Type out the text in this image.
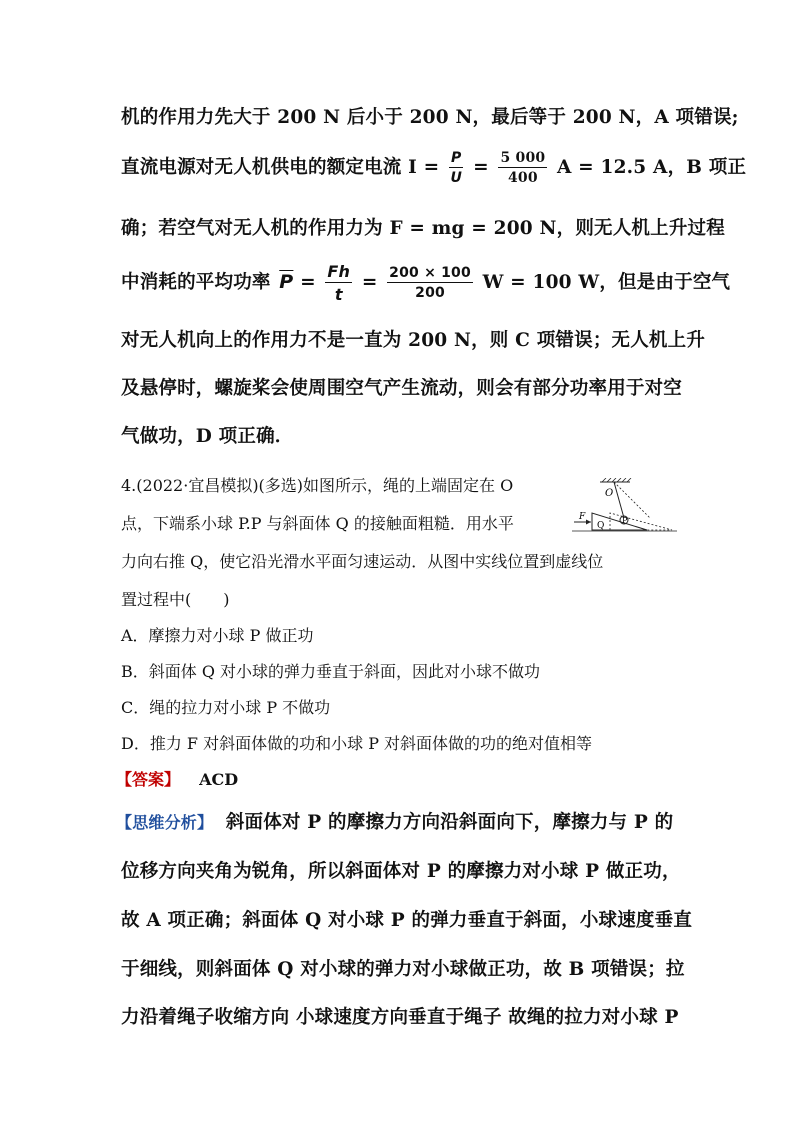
机的作用力先大于 200 N 后小于 200 N，最后等于 200 N，A 项错误;
直流电源对无人机供电的额定电流 $I = \frac{P}{U} = \frac{5 000}{400}$ A = 12.5 A，B 项正
确；若空气对无人机的作用力为 F = mg = 200 N，则无人机上升过程
中消耗的平均功率 $\overline{P} = \frac{Fh}{t} = \frac{200 \times 100}{200}$ W = 100 W，但是由于空气
对无人机向上的作用力不是一直为 200 N，则 C 项错误；无人机上升
及悬停时，螺旋桨会使周围空气产生流动，则会有部分功率用于对空
气做功，D 项正确．
4.(2022·宜昌模拟)(多选)如图所示，绳的上端固定在 O
点，下端系小球 P.P 与斜面体 Q 的接触面粗糙．用水平
力向右推 Q，使它沿光滑水平面匀速运动．从图中实线位置到虚线位
置过程中(　　)
O
F
Q
P
A．摩擦力对小球 P 做正功
B．斜面体 Q 对小球的弹力垂直于斜面，因此对小球不做功
C．绳的拉力对小球 P 不做功
D．推力 F 对斜面体做的功和小球 P 对斜面体做的功的绝对值相等
【答案】 ACD
【思维分析】 斜面体对 P 的摩擦力方向沿斜面向下，摩擦力与 P 的
位移方向夹角为锐角，所以斜面体对 P 的摩擦力对小球 P 做正功，
故 A 项正确；斜面体 Q 对小球 P 的弹力垂直于斜面，小球速度垂直
于细线，则斜面体 Q 对小球的弹力对小球做正功，故 B 项错误；拉
力沿着绳子收缩方向 小球速度方向垂直于绳子 故绳的拉力对小球 P
